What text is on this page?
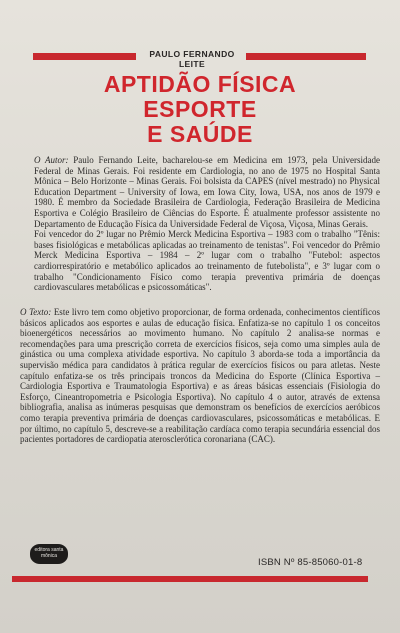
PAULO FERNANDO LEITE
APTIDÃO FÍSICA
ESPORTE
E SAÚDE

O Autor: Paulo Fernando Leite, bacharelou-se em Medicina em 1973, pela Universidade Federal de Minas Gerais. Foi residente em Cardiologia, no ano de 1975 no Hospital Santa Mônica – Belo Horizonte – Minas Gerais. Foi bolsista da CAPES (nível mestrado) no Physical Education Department – University of Iowa, em Iowa City, Iowa, USA, nos anos de 1979 e 1980. É membro da Sociedade Brasileira de Cardiologia, Federação Brasileira de Medicina Esportiva e Colégio Brasileiro de Ciências do Esporte. É atualmente professor assistente no Departamento de Educação Física da Universidade Federal de Viçosa, Viçosa, Minas Gerais.

Foi vencedor do 2º lugar no Prêmio Merck Medicina Esportiva – 1983 com o trabalho "Tênis: bases fisiológicas e metabólicas aplicadas ao treinamento de tenistas". Foi vencedor do Prêmio Merck Medicina Esportiva – 1984 – 2º lugar com o trabalho "Futebol: aspectos cardiorrespiratório e metabólico aplicados ao treinamento de futebolista", e 3º lugar com o trabalho "Condicionamento Físico como terapia preventiva primária de doenças cardiovasculares metabólicas e psicossomáticas".

O Texto: Este livro tem como objetivo proporcionar, de forma ordenada, conhecimentos científicos básicos aplicados aos esportes e aulas de educação física. Enfatiza-se no capítulo 1 os conceitos bioenergéticos necessários ao movimento humano. No capítulo 2 analisa-se normas e recomendações para uma prescrição correta de exercícios físicos, seja como uma simples aula de ginástica ou uma complexa atividade esportiva. No capítulo 3 aborda-se toda a importância da supervisão médica para candidatos à prática regular de exercícios físicos ou para atletas. Neste capítulo enfatiza-se os três principais troncos da Medicina do Esporte (Clínica Esportiva – Cardiologia Esportiva e Traumatologia Esportiva) e as áreas básicas essenciais (Fisiologia do Esforço, Cineantropometria e Psicologia Esportiva). No capítulo 4 o autor, através de extensa bibliografia, analisa as inúmeras pesquisas que demonstram os benefícios de exercícios aeróbicos como terapia preventiva primária de doenças cardiovasculares, psicossomáticas e metabólicas. E por último, no capítulo 5, descreve-se a reabilitação cardíaca como terapia secundária essencial dos pacientes portadores de cardiopatia aterosclerótica coronariana (CAC).

editora santa mônica
ISBN Nº 85-85060-01-8
